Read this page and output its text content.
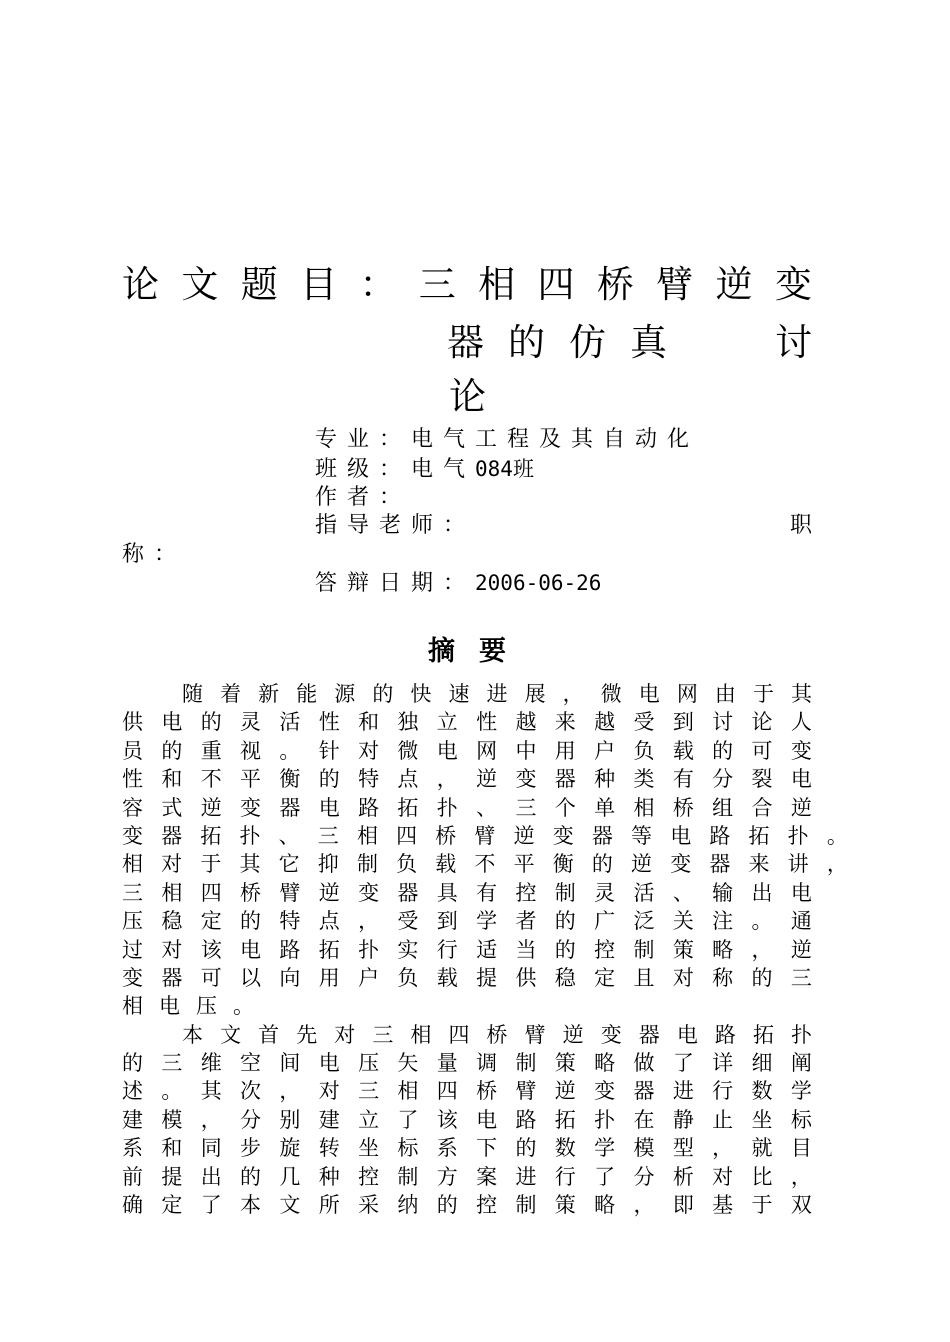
论 文 题 目 ： 三 相 四 桥 臂 逆 变
器 的 仿 真	讨
论
专业：电气工程及其自动化
班级：电气084班
作者：
指导老师：	职
称：
答辩日期：2006-06-26
摘要
随 着 新 能 源 的 快 速 进 展 ， 微 电 网 由 于 其
供 电 的 灵 活 性 和 独 立 性 越 来 越 受 到 讨 论 人
员 的 重 视 。 针 对 微 电 网 中 用 户 负 载 的 可 变
性 和 不 平 衡 的 特 点 ， 逆 变 器 种 类 有 分 裂 电
容 式 逆 变 器 电 路 拓 扑 、 三 个 单 相 桥 组 合 逆
变 器 拓 扑 、 三 相 四 桥 臂 逆 变 器 等 电 路 拓 扑 。
相 对 于 其 它 抑 制 负 载 不 平 衡 的 逆 变 器 来 讲 ，
三 相 四 桥 臂 逆 变 器 具 有 控 制 灵 活 、 输 出 电
压 稳 定 的 特 点 ， 受 到 学 者 的 广 泛 关 注 。 通
过 对 该 电 路 拓 扑 实 行 适 当 的 控 制 策 略 ， 逆
变 器 可 以 向 用 户 负 载 提 供 稳 定 且 对 称 的 三
相 电 压 。
本 文 首 先 对 三 相 四 桥 臂 逆 变 器 电 路 拓 扑
的 三 维 空 间 电 压 矢 量 调 制 策 略 做 了 详 细 阐
述 。 其 次 ， 对 三 相 四 桥 臂 逆 变 器 进 行 数 学
建 模 ， 分 别 建 立 了 该 电 路 拓 扑 在 静 止 坐 标
系 和 同 步 旋 转 坐 标 系 下 的 数 学 模 型 ， 就 目
前 提 出 的 几 种 控 制 方 案 进 行 了 分 析 对 比 ，
确 定 了 本 文 所 采 纳 的 控 制 策 略 ， 即 基 于 双
